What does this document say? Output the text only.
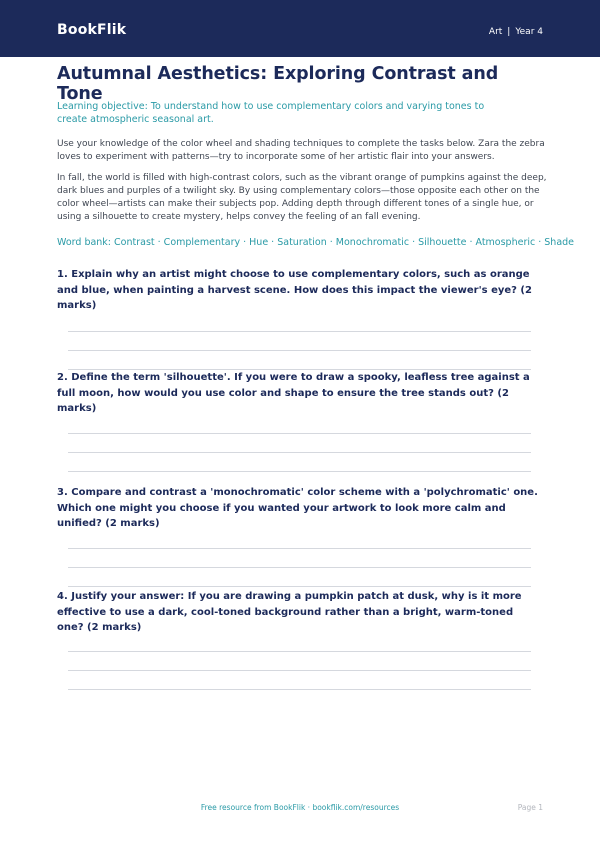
BookFlik	Art | Year 4
Autumnal Aesthetics: Exploring Contrast and Tone

Learning objective: To understand how to use complementary colors and varying tones to create atmospheric seasonal art.

Use your knowledge of the color wheel and shading techniques to complete the tasks below. Zara the zebra loves to experiment with patterns—try to incorporate some of her artistic flair into your answers.

In fall, the world is filled with high-contrast colors, such as the vibrant orange of pumpkins against the deep, dark blues and purples of a twilight sky. By using complementary colors—those opposite each other on the color wheel—artists can make their subjects pop. Adding depth through different tones of a single hue, or using a silhouette to create mystery, helps convey the feeling of an fall evening.

Word bank: Contrast · Complementary · Hue · Saturation · Monochromatic · Silhouette · Atmospheric · Shade

1. Explain why an artist might choose to use complementary colors, such as orange and blue, when painting a harvest scene. How does this impact the viewer's eye? (2 marks)

2. Define the term 'silhouette'. If you were to draw a spooky, leafless tree against a full moon, how would you use color and shape to ensure the tree stands out? (2 marks)

3. Compare and contrast a 'monochromatic' color scheme with a 'polychromatic' one. Which one might you choose if you wanted your artwork to look more calm and unified? (2 marks)

4. Justify your answer: If you are drawing a pumpkin patch at dusk, why is it more effective to use a dark, cool-toned background rather than a bright, warm-toned one? (2 marks)

Free resource from BookFlik · bookflik.com/resources	Page 1
